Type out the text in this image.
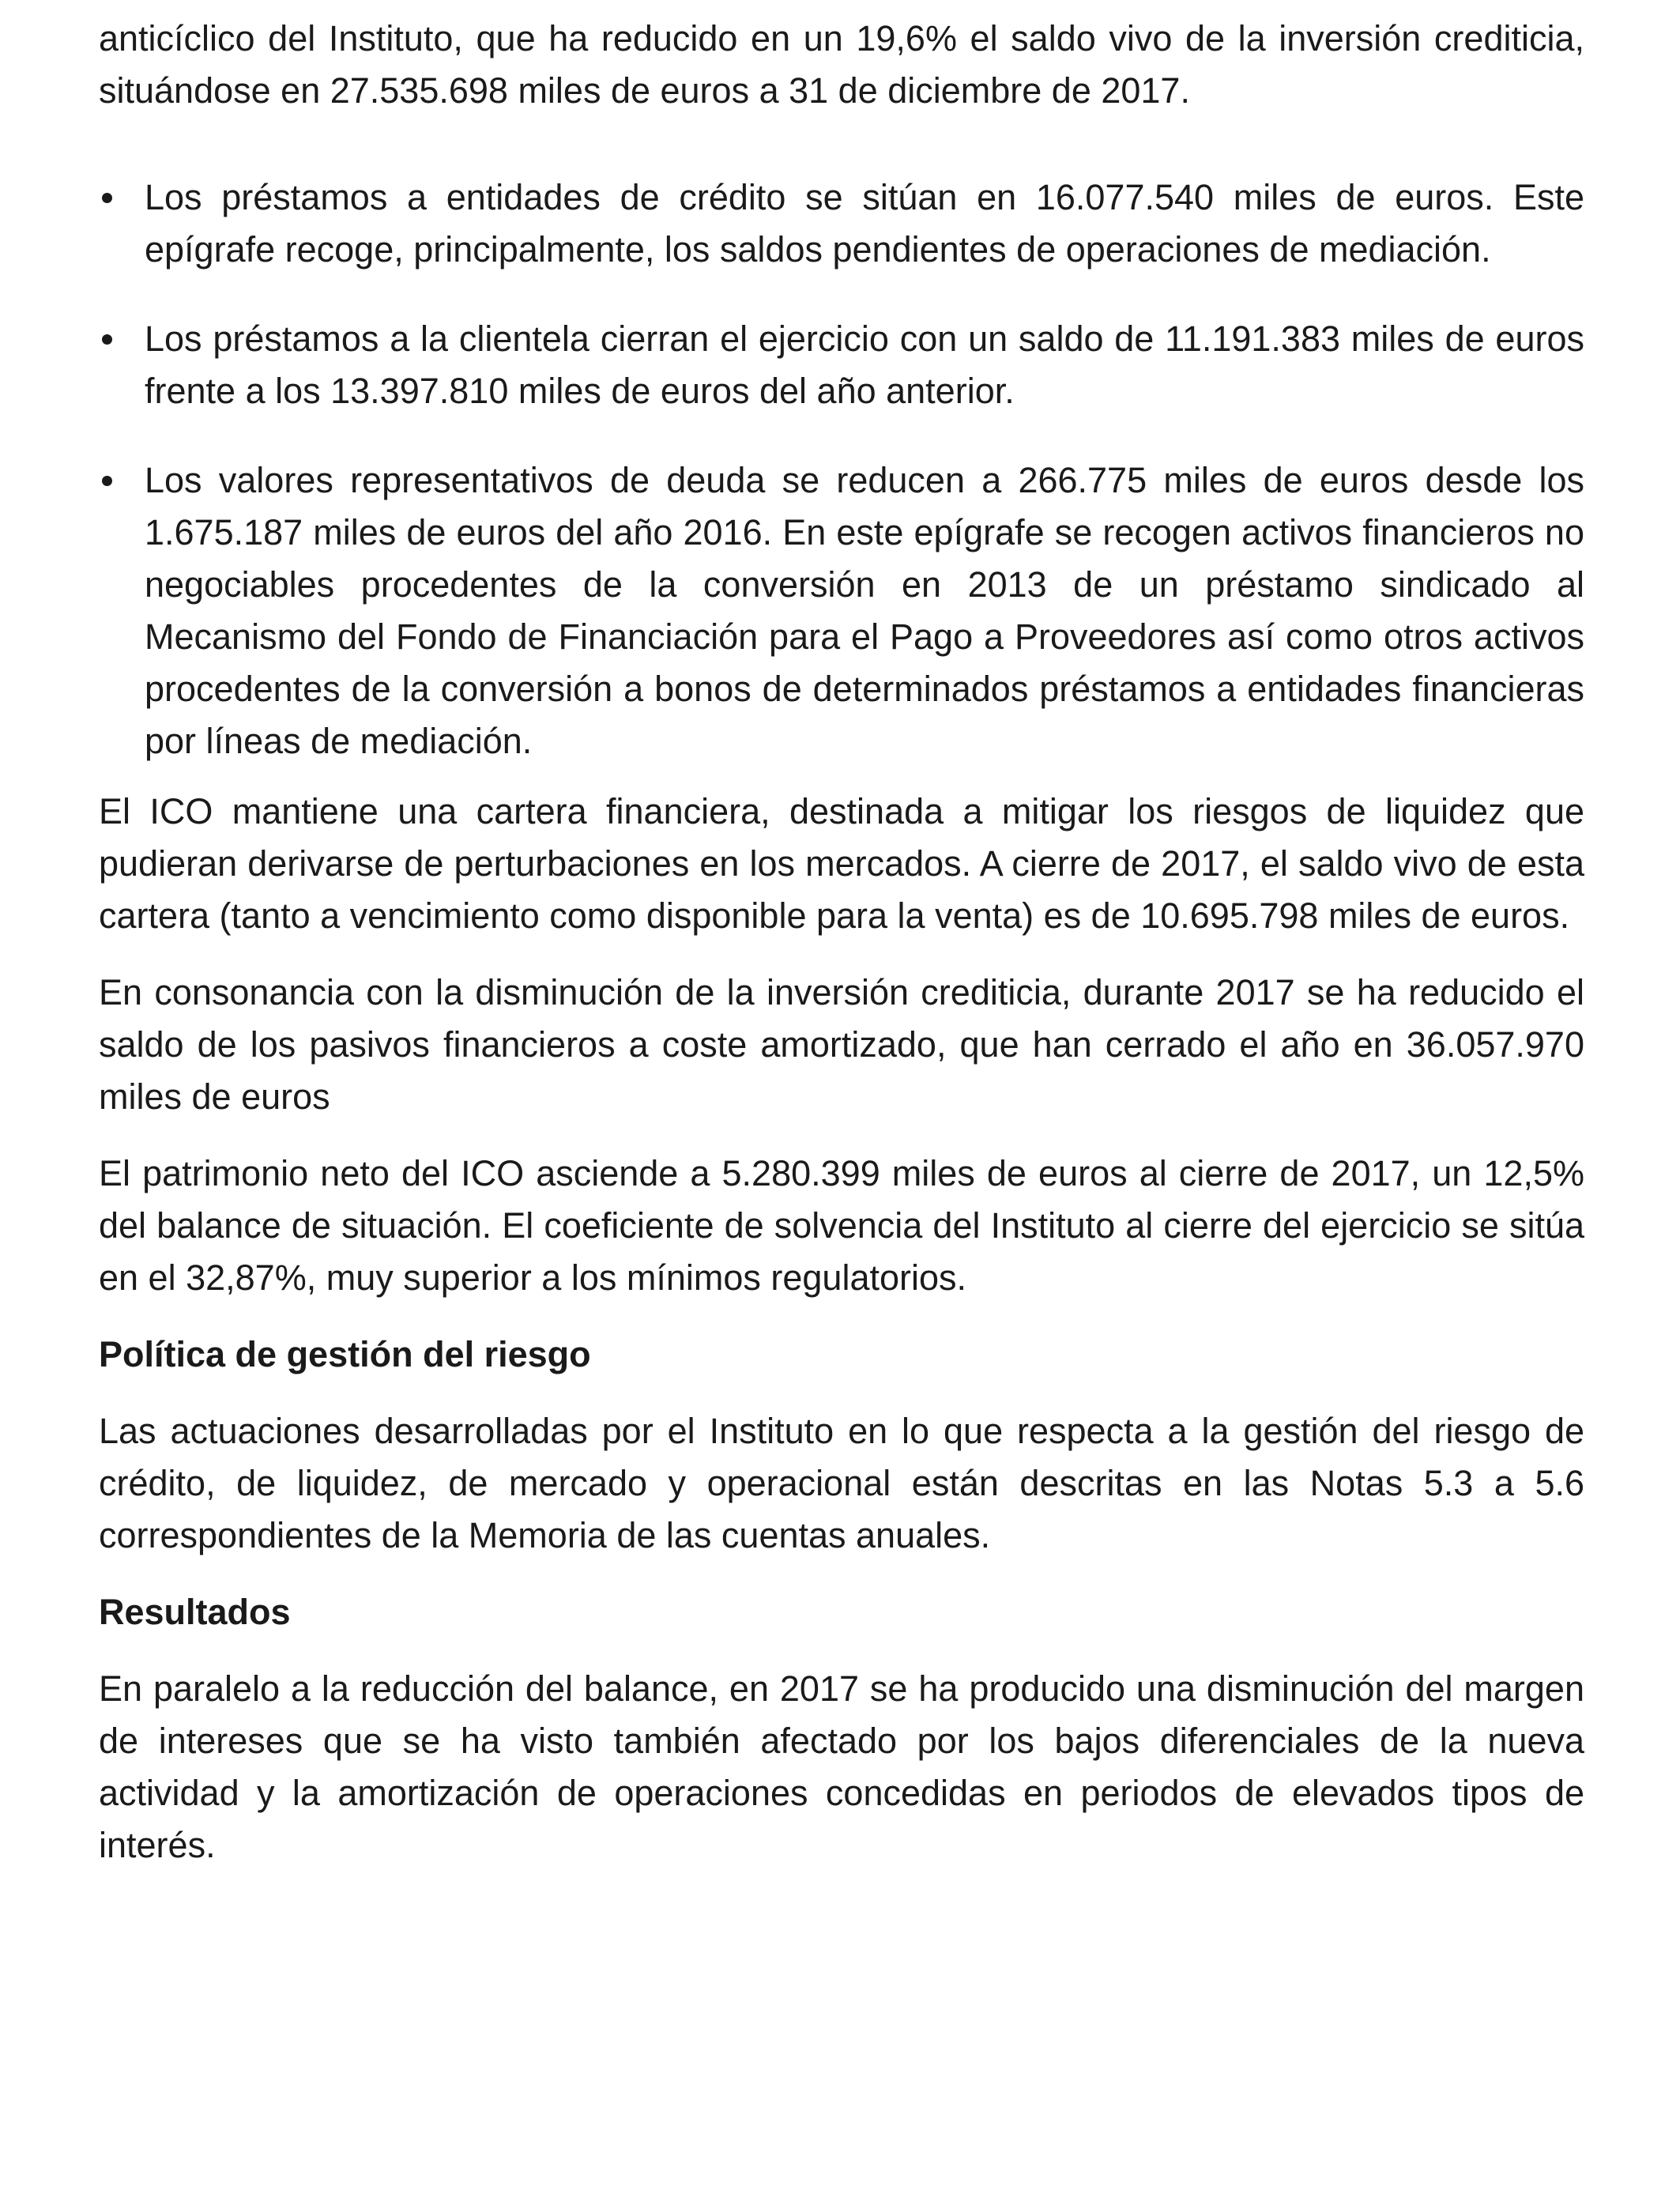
anticíclico del Instituto, que ha reducido en un 19,6% el saldo vivo de la inversión crediticia, situándose en 27.535.698 miles de euros a 31 de diciembre de 2017.

Los préstamos a entidades de crédito se sitúan en 16.077.540 miles de euros. Este epígrafe recoge, principalmente, los saldos pendientes de operaciones de mediación.
Los préstamos a la clientela cierran el ejercicio con un saldo de 11.191.383 miles de euros frente a los 13.397.810 miles de euros del año anterior.
Los valores representativos de deuda se reducen a 266.775 miles de euros desde los 1.675.187 miles de euros del año 2016. En este epígrafe se recogen activos financieros no negociables procedentes de la conversión en 2013 de un préstamo sindicado al Mecanismo del Fondo de Financiación para el Pago a Proveedores así como otros activos procedentes de la conversión a bonos de determinados préstamos a entidades financieras por líneas de mediación.

El ICO mantiene una cartera financiera, destinada a mitigar los riesgos de liquidez que pudieran derivarse de perturbaciones en los mercados. A cierre de 2017, el saldo vivo de esta cartera (tanto a vencimiento como disponible para la venta) es de 10.695.798 miles de euros.

En consonancia con la disminución de la inversión crediticia, durante 2017 se ha reducido el saldo de los pasivos financieros a coste amortizado, que han cerrado el año en 36.057.970 miles de euros

El patrimonio neto del ICO asciende a 5.280.399 miles de euros al cierre de 2017, un 12,5% del balance de situación. El coeficiente de solvencia del Instituto al cierre del ejercicio se sitúa en el 32,87%, muy superior a los mínimos regulatorios.

Política de gestión del riesgo

Las actuaciones desarrolladas por el Instituto en lo que respecta a la gestión del riesgo de crédito, de liquidez, de mercado y operacional están descritas en las Notas 5.3 a 5.6 correspondientes de la Memoria de las cuentas anuales.

Resultados

En paralelo a la reducción del balance, en 2017 se ha producido una disminución del margen de intereses que se ha visto también afectado por los bajos diferenciales de la nueva actividad y la amortización de operaciones concedidas en periodos de elevados tipos de interés.
